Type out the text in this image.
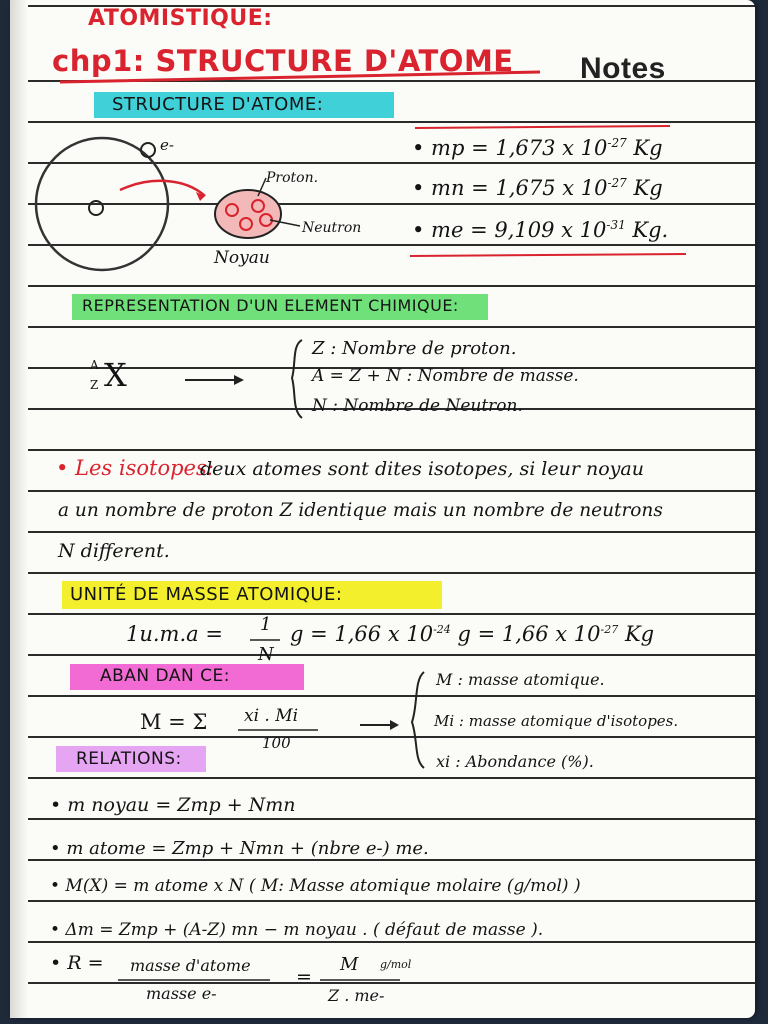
ATOMISTIQUE:
chp1: STRUCTURE D'ATOME Notes
STRUCTURE D'ATOME:
e-
Proton.
Neutron
Noyau
• mp = 1,673 x $10^{-27}$ Kg
• mn = 1,675 x $10^{-27}$ Kg
• me = 9,109 x $10^{-31}$ Kg.
REPRESENTATION D'UN ELEMENT CHIMIQUE:
A
Z X
Z : Nombre de proton.
A = Z + N : Nombre de masse.
N : Nombre de Neutron.
• Les isotopes:
deux atomes sont dites isotopes, si leur noyau
a un nombre de proton Z identique mais un nombre de neutrons
N different.
UNITÉ DE MASSE ATOMIQUE:
1u.m.a = 1
N
g = 1,66 x $10^{-24}$ g = 1,66 x $10^{-27}$ Kg
ABAN DAN CE:
M = Σ xi . Mi
100
M : masse atomique.
Mi : masse atomique d'isotopes.
xi : Abondance (%).
RELATIONS:
• m noyau = Zmp + Nmn
• m atome = Zmp + Nmn + (nbre e-) me.
• M(X) = m atome x N ( M: Masse atomique molaire (g/mol) )
• Δm = Zmp + (A-Z) mn − m noyau . ( défaut de masse ).
• R = masse d'atome
masse e-
=
M g/mol
Z . me-
